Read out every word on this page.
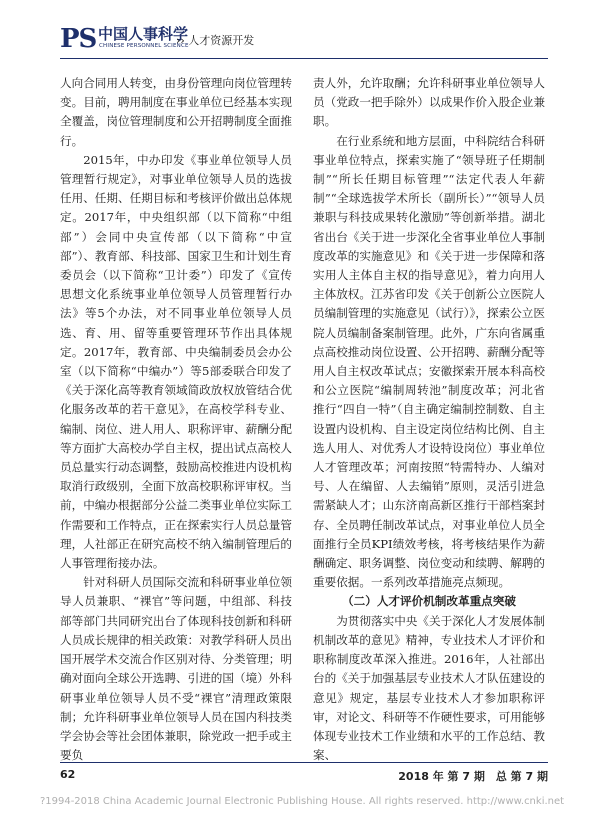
PS 中国人事科学
CHINESE PERSONNEL SCIENCE
›› 人才资源开发

人向合同用人转变，由身份管理向岗位管理转变。目前，聘用制度在事业单位已经基本实现全覆盖，岗位管理制度和公开招聘制度全面推行。

2015年，中办印发《事业单位领导人员管理暂行规定》，对事业单位领导人员的选拔任用、任期、任期目标和考核评价做出总体规定。2017年，中央组织部（以下简称“中组部”）会同中央宣传部（以下简称“中宣部”）、教育部、科技部、国家卫生和计划生育委员会（以下简称“卫计委”）印发了《宣传思想文化系统事业单位领导人员管理暂行办法》等5个办法，对不同事业单位领导人员选、育、用、留等重要管理环节作出具体规定。2017年，教育部、中央编制委员会办公室（以下简称“中编办”）等5部委联合印发了《关于深化高等教育领域简政放权放管结合优化服务改革的若干意见》，在高校学科专业、编制、岗位、进人用人、职称评审、薪酬分配等方面扩大高校办学自主权，提出试点高校人员总量实行动态调整，鼓励高校推进内设机构取消行政级别，全面下放高校职称评审权。当前，中编办根据部分公益二类事业单位实际工作需要和工作特点，正在探索实行人员总量管理，人社部正在研究高校不纳入编制管理后的人事管理衔接办法。

针对科研人员国际交流和科研事业单位领导人员兼职、“裸官”等问题，中组部、科技部等部门共同研究出台了体现科技创新和科研人员成长规律的相关政策：对教学科研人员出国开展学术交流合作区别对待、分类管理；明确对面向全球公开选聘、引进的国（境）外科研事业单位领导人员不受“裸官”清理政策限制；允许科研事业单位领导人员在国内科技类学会协会等社会团体兼职，除党政一把手或主要负

责人外，允许取酬；允许科研事业单位领导人员（党政一把手除外）以成果作价入股企业兼职。

在行业系统和地方层面，中科院结合科研事业单位特点，探索实施了“领导班子任期制制”“所长任期目标管理”“法定代表人年薪制”“全球选拔学术所长（副所长）”“领导人员兼职与科技成果转化激励”等创新举措。湖北省出台《关于进一步深化全省事业单位人事制度改革的实施意见》和《关于进一步保障和落实用人主体自主权的指导意见》，着力向用人主体放权。江苏省印发《关于创新公立医院人员编制管理的实施意见（试行）》，探索公立医院人员编制备案制管理。此外，广东向省属重点高校推动岗位设置、公开招聘、薪酬分配等用人自主权改革试点；安徽探索开展本科高校和公立医院“编制周转池”制度改革；河北省推行“四自一特”（自主确定编制控制数、自主设置内设机构、自主设定岗位结构比例、自主选人用人、对优秀人才设特设岗位）事业单位人才管理改革；河南按照“特需特办、人编对号、人在编留、人去编销”原则，灵活引进急需紧缺人才；山东济南高新区推行干部档案封存、全员聘任制改革试点，对事业单位人员全面推行全员KPI绩效考核，将考核结果作为薪酬确定、职务调整、岗位变动和续聘、解聘的重要依据。一系列改革措施亮点频现。

（二）人才评价机制改革重点突破

为贯彻落实中央《关于深化人才发展体制机制改革的意见》精神，专业技术人才评价和职称制度改革深入推进。2016年，人社部出台的《关于加强基层专业技术人才队伍建设的意见》规定，基层专业技术人才参加职称评审，对论文、科研等不作硬性要求，可用能够体现专业技术工作业绩和水平的工作总结、教案、

62	2018 年 第 7 期　总 第 7 期
?1994-2018 China Academic Journal Electronic Publishing House. All rights reserved. http://www.cnki.net
